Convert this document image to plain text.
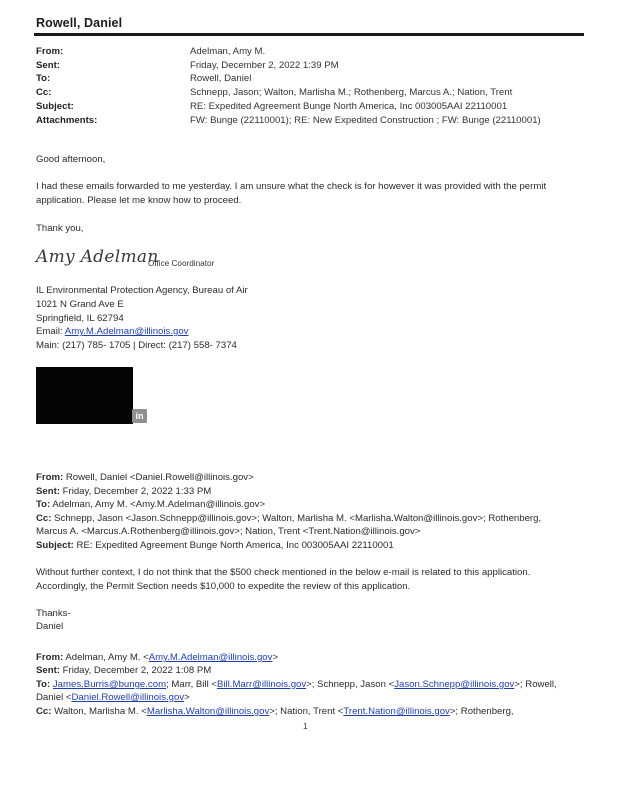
Rowell, Daniel
From:	Adelman, Amy M.
Sent:	Friday, December 2, 2022 1:39 PM
To:	Rowell, Daniel
Cc:	Schnepp, Jason; Walton, Marlisha M.; Rothenberg, Marcus A.; Nation, Trent
Subject:	RE: Expedited Agreement Bunge North America, Inc 003005AAI 22110001
Attachments:	FW: Bunge (22110001); RE: New Expedited Construction ; FW: Bunge (22110001)
Good afternoon,
I had these emails forwarded to me yesterday. I am unsure what the check is for however it was provided with the permit application. Please let me know how to proceed.
Thank you,
Amy Adelman
Office Coordinator
IL Environmental Protection Agency, Bureau of Air
1021 N Grand Ave E
Springfield, IL 62794
Email: Amy.M.Adelman@illinois.gov
Main: (217) 785- 1705 | Direct: (217) 558- 7374
in
From: Rowell, Daniel <Daniel.Rowell@illinois.gov>
Sent: Friday, December 2, 2022 1:33 PM
To: Adelman, Amy M. <Amy.M.Adelman@illinois.gov>
Cc: Schnepp, Jason <Jason.Schnepp@illinois.gov>; Walton, Marlisha M. <Marlisha.Walton@illinois.gov>; Rothenberg,
Marcus A. <Marcus.A.Rothenberg@illinois.gov>; Nation, Trent <Trent.Nation@illinois.gov>
Subject: RE: Expedited Agreement Bunge North America, Inc 003005AAI 22110001
Without further context, I do not think that the $500 check mentioned in the below e-mail is related to this application. Accordingly, the Permit Section needs $10,000 to expedite the review of this application.
Thanks-
Daniel
From: Adelman, Amy M. <Amy.M.Adelman@illinois.gov>
Sent: Friday, December 2, 2022 1:08 PM
To: James.Burris@bunge.com; Marr, Bill <Bill.Marr@illinois.gov>; Schnepp, Jason <Jason.Schnepp@illinois.gov>; Rowell,
Daniel <Daniel.Rowell@illinois.gov>
Cc: Walton, Marlisha M. <Marlisha.Walton@illinois.gov>; Nation, Trent <Trent.Nation@illinois.gov>; Rothenberg,
1
